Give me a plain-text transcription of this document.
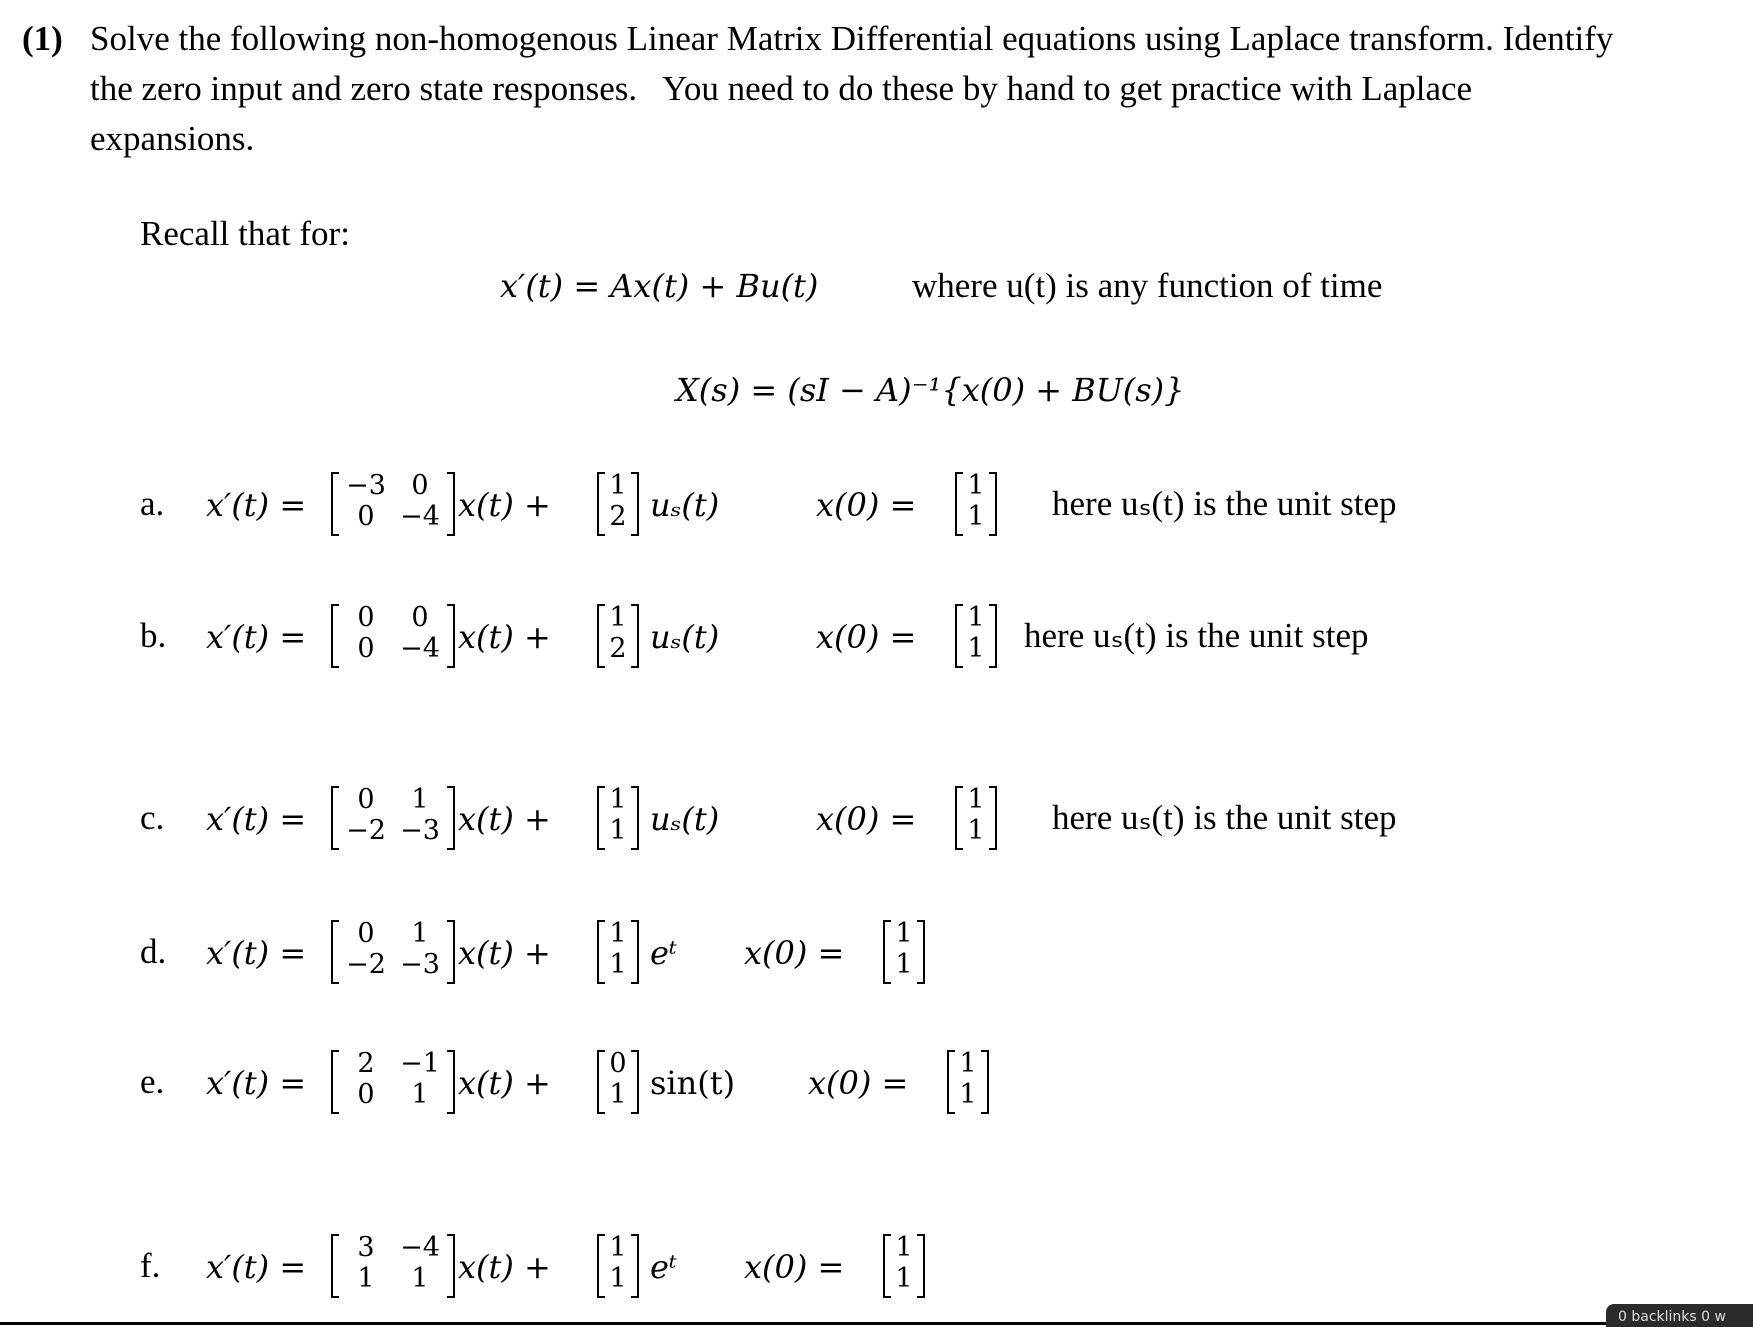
(1) Solve the following non-homogenous Linear Matrix Differential equations using Laplace transform. Identify
the zero input and zero state responses.   You need to do these by hand to get practice with Laplace
expansions.
Recall that for:
x′(t) = Ax(t) + Bu(t)	where u(t) is any function of time
X(s) = (sI − A)⁻¹{x(0) + BU(s)}
a. x′(t) =
−3 0
0 −4 x(t) +
1
2 uₛ(t)	x(0) =
1
1 here uₛ(t) is the unit step
b. x′(t) =
0	0
0 −4 x(t) +
1
2 uₛ(t)	x(0) =
1
1 here uₛ(t) is the unit step
c. x′(t) =
0	1
−2 −3 x(t) +
1
1 uₛ(t)	x(0) =
1
1 here uₛ(t) is the unit step
d. x′(t) =
0	1
−2 −3 x(t) +
1
1 eᵗ x(0) =
1
1
e. x′(t) =
2 −1
0	1 x(t) +
0
1 sin(t) x(0) =
1
1
f. x′(t) =
3 −4
1	1 x(t) +
1
1 eᵗ x(0) =
1
1
0 backlinks 0 w
